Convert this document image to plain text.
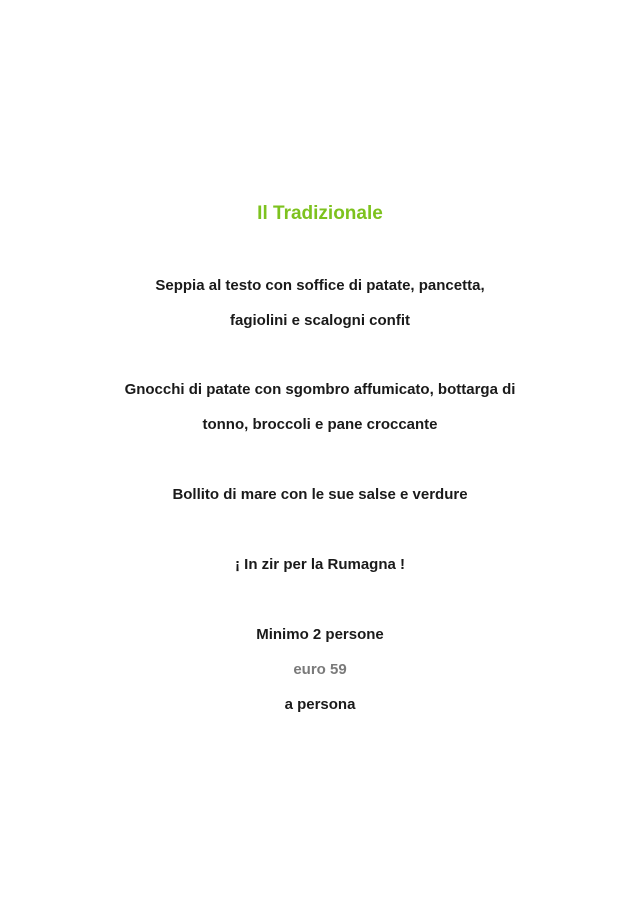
Il Tradizionale
Seppia al testo con soffice di patate, pancetta,
fagiolini e scalogni confit
Gnocchi di patate con sgombro affumicato, bottarga di
tonno, broccoli e pane croccante
Bollito di mare con le sue salse e verdure
¡ In zir per la Rumagna !
Minimo 2 persone
euro 59
a persona
